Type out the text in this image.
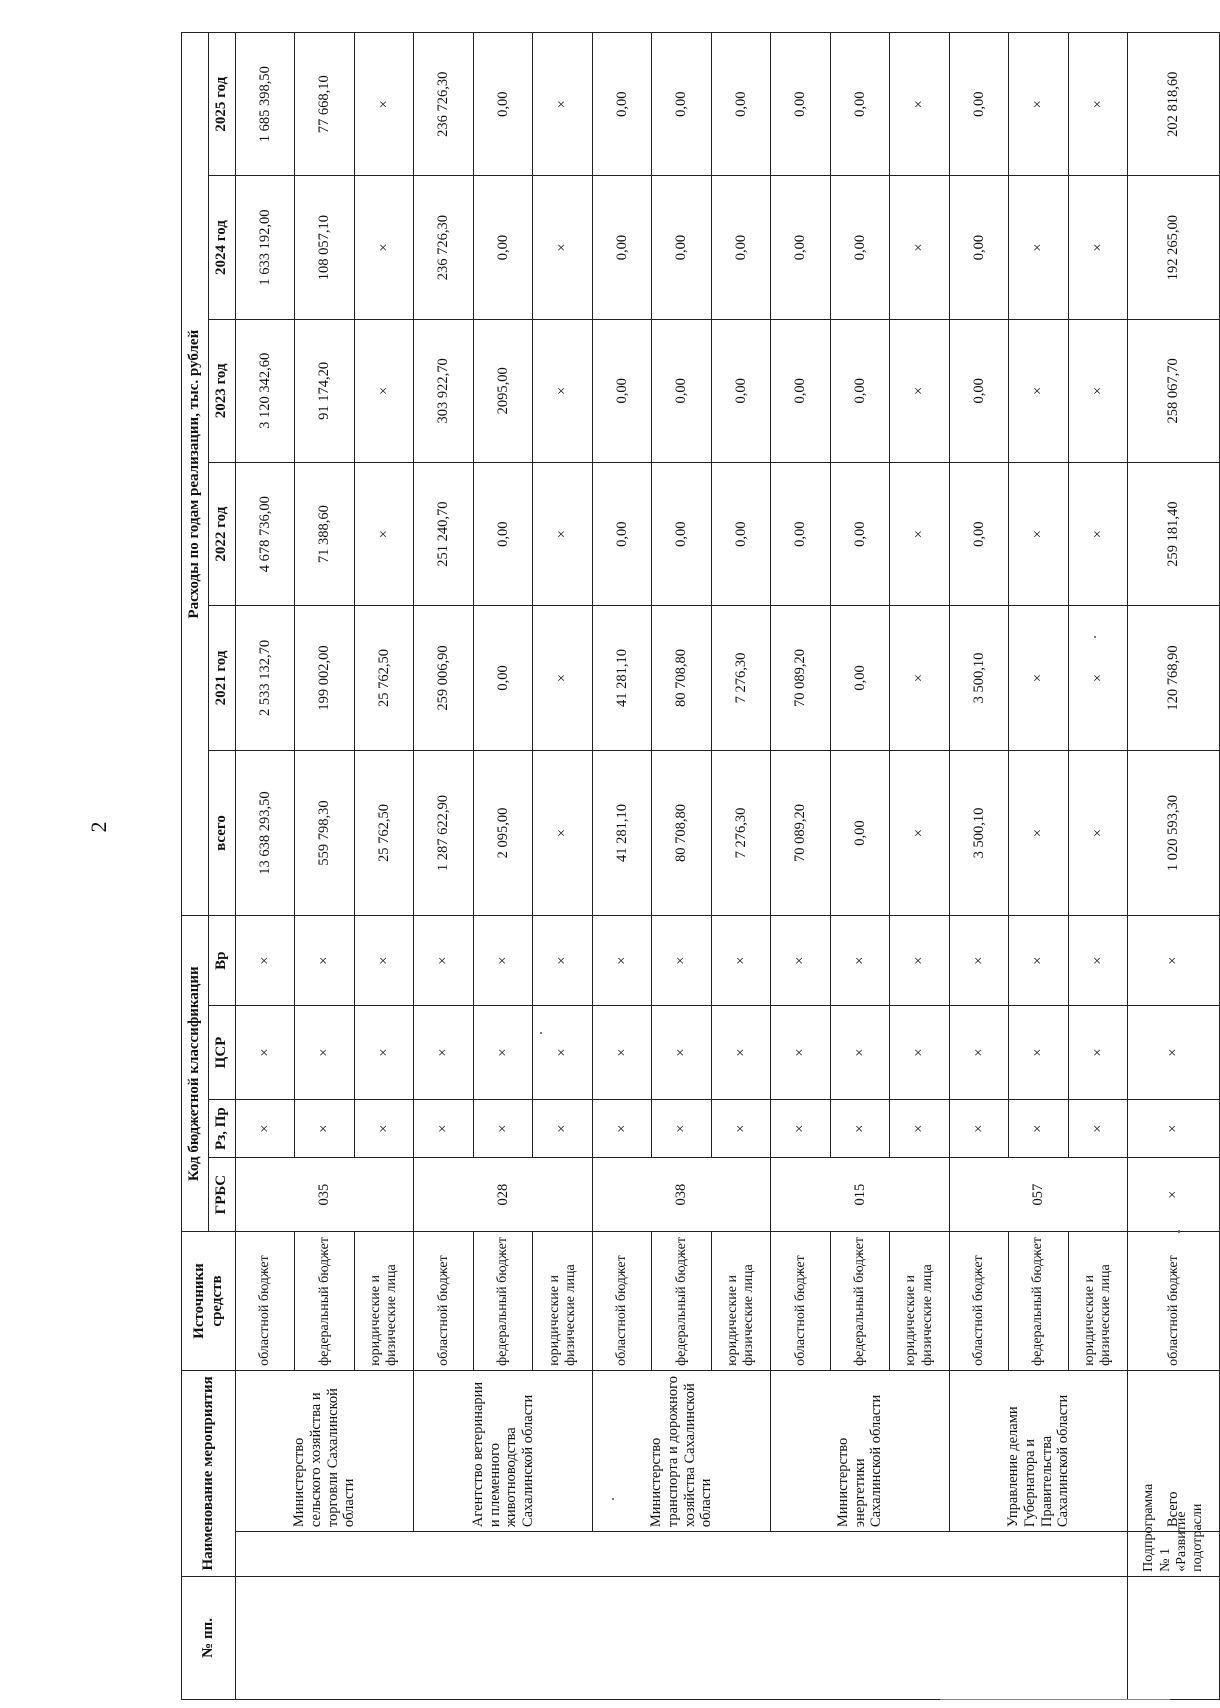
2
№ пп.	Наименование мероприятия		Источники средств	Код бюджетной классификации				Расходы по годам реализации, тыс. рублей					
				ГРБС	Рз, Пр	ЦСР	Вр	всего	2021 год	2022 год	2023 год	2024 год	2025 год

		Министерство сельского хозяйства и торговли Сахалинской области	областной бюджет	035	×	×	×	13 638 293,50	2 533 132,70	4 678 736,00	3 120 342,60	1 633 192,00	1 685 398,50
			федеральный бюджет		×	×	×	559 798,30	199 002,00	71 388,60	91 174,20	108 057,10	77 668,10
			юридические и физические лица		×	×	×	25 762,50	25 762,50	×	×	×	×
		Агентство ветеринарии и племенного животноводства Сахалинской области	областной бюджет	028	×	×	×	1 287 622,90	259 006,90	251 240,70	303 922,70	236 726,30	236 726,30
			федеральный бюджет		×	×	×	2 095,00	0,00	0,00	2095,00	0,00	0,00
			юридические и физические лица		×	×	×	×	×	×	×	×	×
		Министерство транспорта и дорожного хозяйства Сахалинской области	областной бюджет	038	×	×	×	41 281,10	41 281,10	0,00	0,00	0,00	0,00
			федеральный бюджет		×	×	×	80 708,80	80 708,80	0,00	0,00	0,00	0,00
			юридические и физические лица		×	×	×	7 276,30	7 276,30	0,00	0,00	0,00	0,00
		Министерство энергетики Сахалинской области	областной бюджет	015	×	×	×	70 089,20	70 089,20	0,00	0,00	0,00	0,00
			федеральный бюджет		×	×	×	0,00	0,00	0,00	0,00	0,00	0,00
			юридические и физические лица		×	×	×	×	×	×	×	×	×
		Управление делами Губернатора и Правительства Сахалинской области	областной бюджет	057	×	×	×	3 500,10	3 500,10	0,00	0,00	0,00	0,00
			федеральный бюджет		×	×	×	×	×	×	×	×	×
			юридические и физические лица		×	×	×	×	×	×	×	×	×
	Подпрограмма № 1 «Развитие подотрасли	Всего	областной бюджет	×	×	×	×	1 020 593,30	120 768,90	259 181,40	258 067,70	192 265,00	202 818,60
